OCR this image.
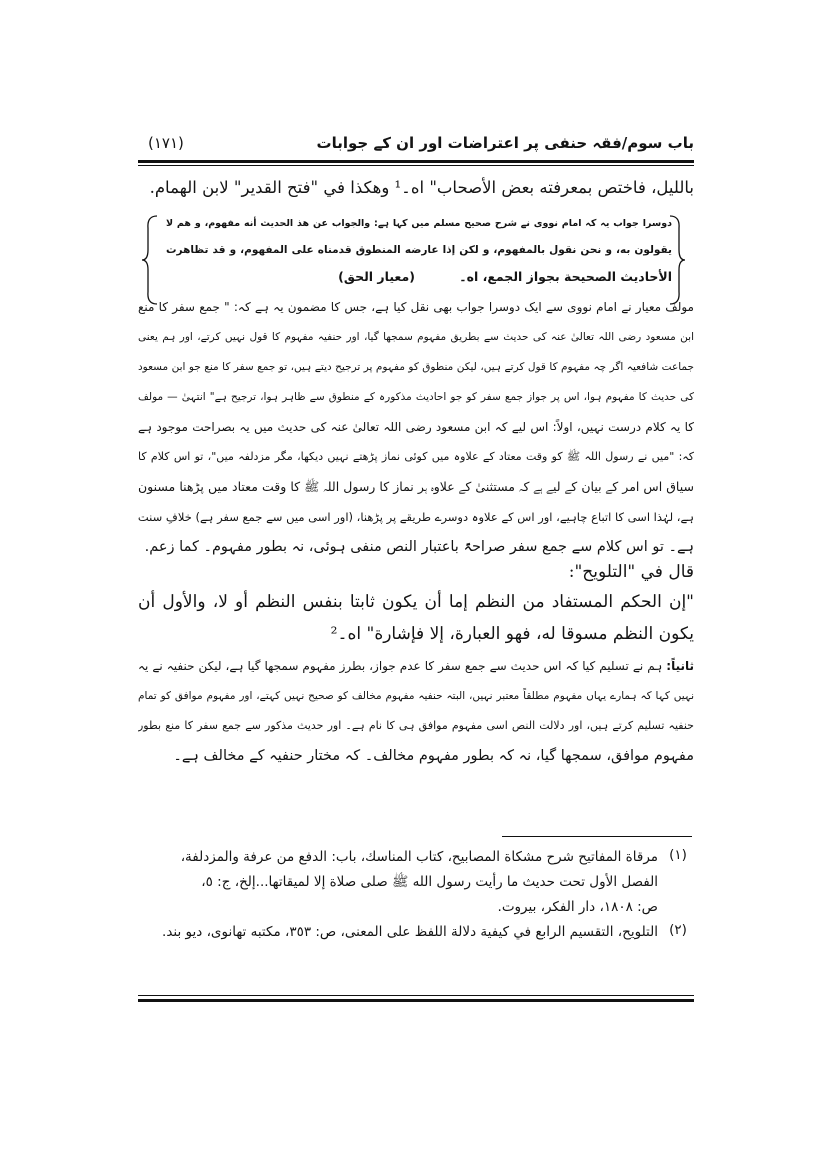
باب سوم/فقہ حنفی پر اعتراضات اور ان کے جوابات
(۱۷۱)
بالليل، فاختص بمعرفته بعض الأصحاب" اه۔¹ وهكذا في "فتح القدير" لابن الهمام.
دوسرا جواب یہ کہ امام نووی نے شرح صحیح مسلم میں کہا ہے: والجواب عن هذ الحديث أنه مفهوم، و هم لا
يقولون به، و نحن نقول بالمفهوم، و لكن إذا عارضه المنطوق قدمناه على المفهوم، و قد تظاهرت
الأحاديث الصحيحة بجواز الجمع، اه۔ (معیار الحق)
مولف معیار نے امام نووی سے ایک دوسرا جواب بھی نقل کیا ہے، جس کا مضمون یہ ہے کہ: " جمع سفر کا منع
ابن مسعود رضی اللہ تعالیٰ عنہ کی حدیث سے بطریق مفہوم سمجھا گیا، اور حنفیہ مفہوم کا قول نہیں کرتے، اور ہم یعنی
جماعت شافعیہ اگر چہ مفہوم کا قول کرتے ہیں، لیکن منطوق کو مفہوم پر ترجیح دیتے ہیں، تو جمع سفر کا منع جو ابن مسعود
کی حدیث کا مفہوم ہوا، اس پر جواز جمع سفر کو جو احادیث مذکورہ کے منطوق سے ظاہر ہوا، ترجیح ہے" انتہیٰ — مولف
کا یہ کلام درست نہیں، اولاً: اس لیے کہ ابن مسعود رضی اللہ تعالیٰ عنہ کی حدیث میں یہ بصراحت موجود ہے
کہ: "میں نے رسول اللہ ﷺ کو وقت معتاد کے علاوہ میں کوئی نماز پڑھتے نہیں دیکھا، مگر مزدلفہ میں"، تو اس کلام کا
سیاق اس امر کے بیان کے لیے ہے کہ مستثنیٰ کے علاوہ ہر نماز کا رسول اللہ ﷺ کا وقت معتاد میں پڑھنا مسنون
ہے، لہٰذا اسی کا اتباع چاہیے، اور اس کے علاوہ دوسرے طریقے پر پڑھنا، (اور اسی میں سے جمع سفر ہے) خلافِ سنت
ہے۔ تو اس کلام سے جمع سفر صراحۃً باعتبار النص منفی ہوئی، نہ بطور مفہوم۔ کما زعم.
قال في "التلويح":
"إن الحكم المستفاد من النظم إما أن يكون ثابتا بنفس النظم أو لا، والأول أن
يكون النظم مسوقا له، فهو العبارة، إلا فإشارة" اه۔²
ثانیاً: ہم نے تسلیم کیا کہ اس حدیث سے جمع سفر کا عدم جواز، بطرز مفہوم سمجھا گیا ہے، لیکن حنفیہ نے یہ
نہیں کہا کہ ہمارے یہاں مفہوم مطلقاً معتبر نہیں، البتہ حنفیہ مفہوم مخالف کو صحیح نہیں کہتے، اور مفہوم موافق کو تمام
حنفیہ تسلیم کرتے ہیں، اور دلالت النص اسی مفہوم موافق ہی کا نام ہے۔ اور حدیث مذکور سے جمع سفر کا منع بطور
مفہوم موافق، سمجھا گیا، نہ کہ بطور مفہوم مخالف۔ کہ مختار حنفیہ کے مخالف ہے۔
(١)
مرقاة المفاتيح شرح مشكاة المصابيح، كتاب المناسك، باب: الدفع من عرفة والمزدلفة،
الفصل الأول تحت حديث ما رأيت رسول الله ﷺ صلى صلاة إلا لميقاتها...إلخ، ج: ٥،
ص: ١٨٠٨، دار الفكر، بيروت.
(٢)
التلويح، التقسيم الرابع في كيفية دلالة اللفظ على المعنى، ص: ٣٥٣، مكتبه تهانوى، ديو بند.
